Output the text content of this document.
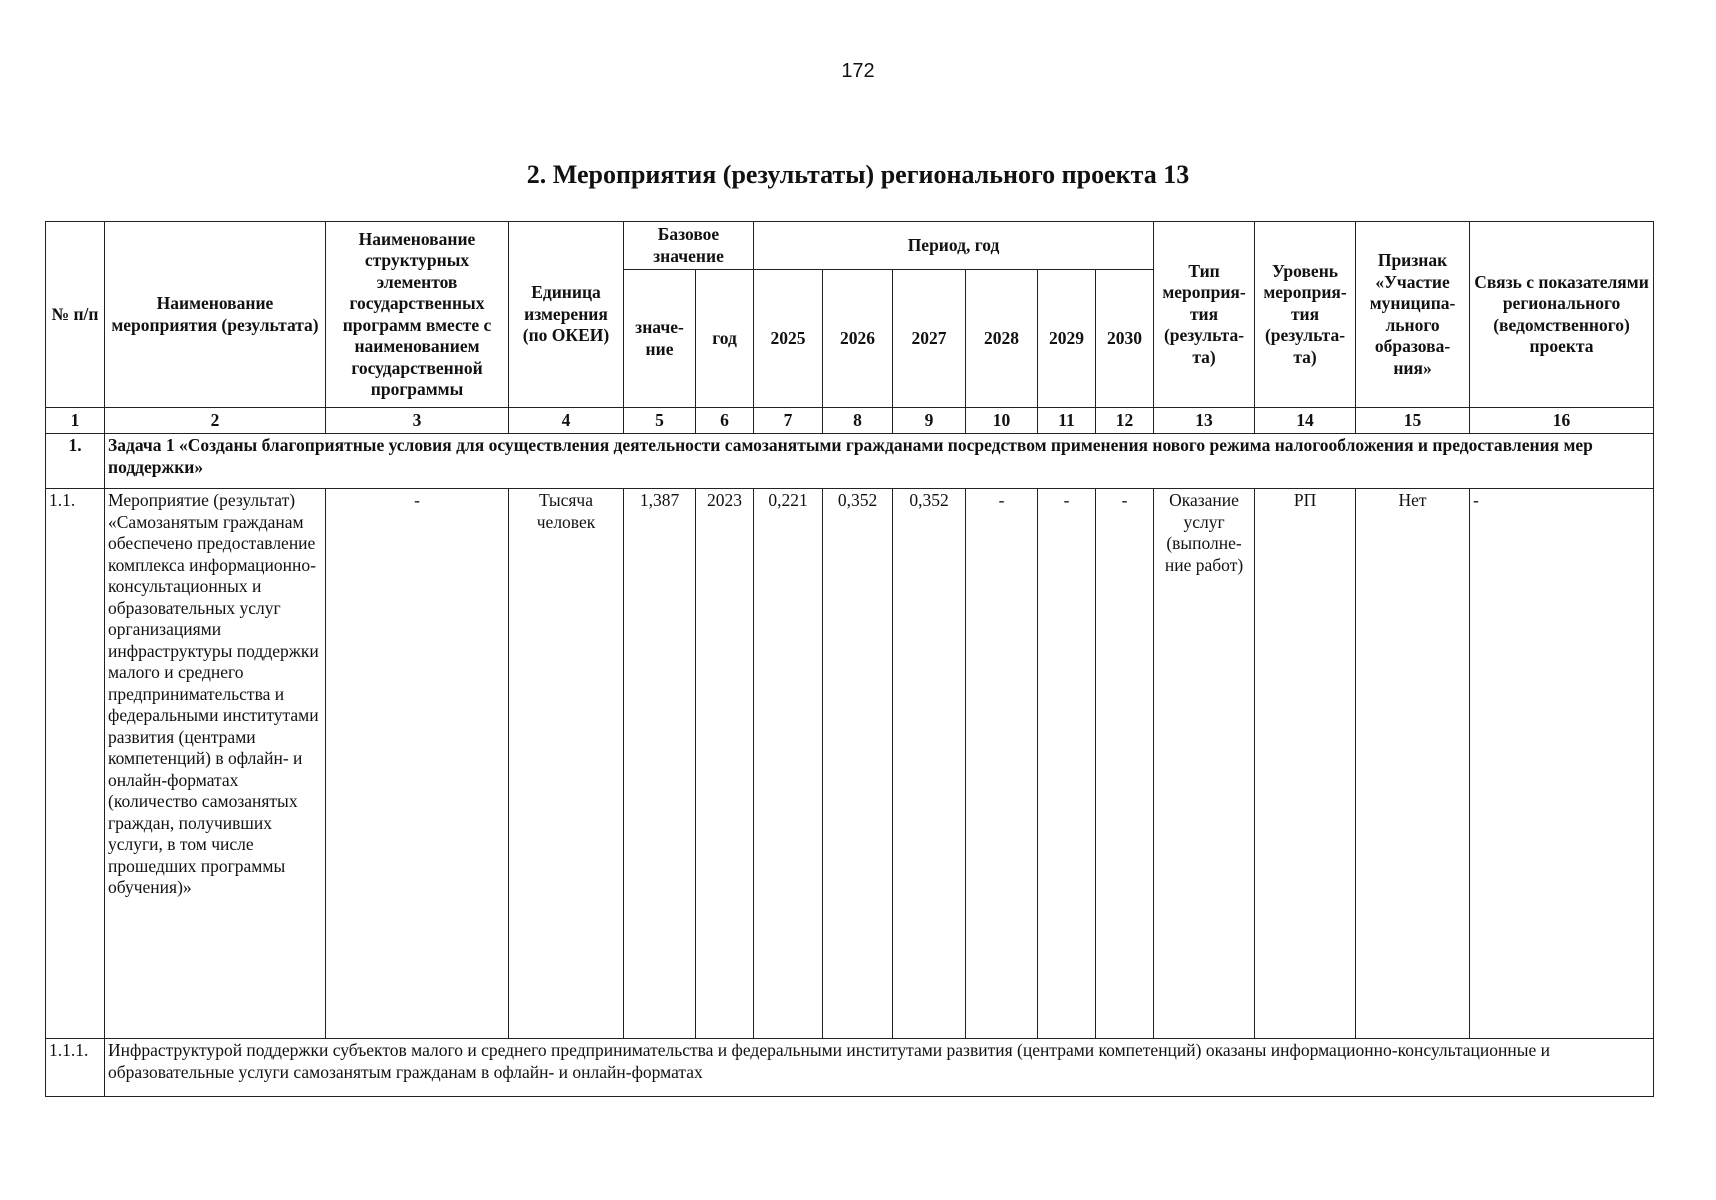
172
2. Мероприятия (результаты) регионального проекта 13
№ п/п	Наименование мероприятия (результата)	Наименование структурных элементов государственных программ вместе с наименованием государственной программы	Единица измерения (по ОКЕИ)	Базовое значение		Период, год						Тип мероприя-тия (результа-та)	Уровень мероприя-тия (результа-та)	Признак «Участие муниципа-льного образова-ния»	Связь с показателями регионального (ведомственного) проекта
				значе-ние	год	2025	2026	2027	2028	2029	2030				
1	2	3	4	5	6	7	8	9	10	11	12	13	14	15	16
1.	Задача 1 «Созданы благоприятные условия для осуществления деятельности самозанятыми гражданами посредством применения нового режима налогообложения и предоставления мер поддержки»														
1.1.	Мероприятие (результат) «Самозанятым гражданам обеспечено предоставление комплекса информационно-консультационных и образовательных услуг организациями инфраструктуры поддержки малого и среднего предпринимательства и федеральными институтами развития (центрами компетенций) в офлайн- и онлайн-форматах (количество самозанятых граждан, получивших услуги, в том числе прошедших программы обучения)»	-	Тысяча человек	1,387	2023	0,221	0,352	0,352	-	-	-	Оказание услуг (выполне-ние работ)	РП	Нет	-
1.1.1.	Инфраструктурой поддержки субъектов малого и среднего предпринимательства и федеральными институтами развития (центрами компетенций) оказаны информационно-консультационные и образовательные услуги самозанятым гражданам в офлайн- и онлайн-форматах														
